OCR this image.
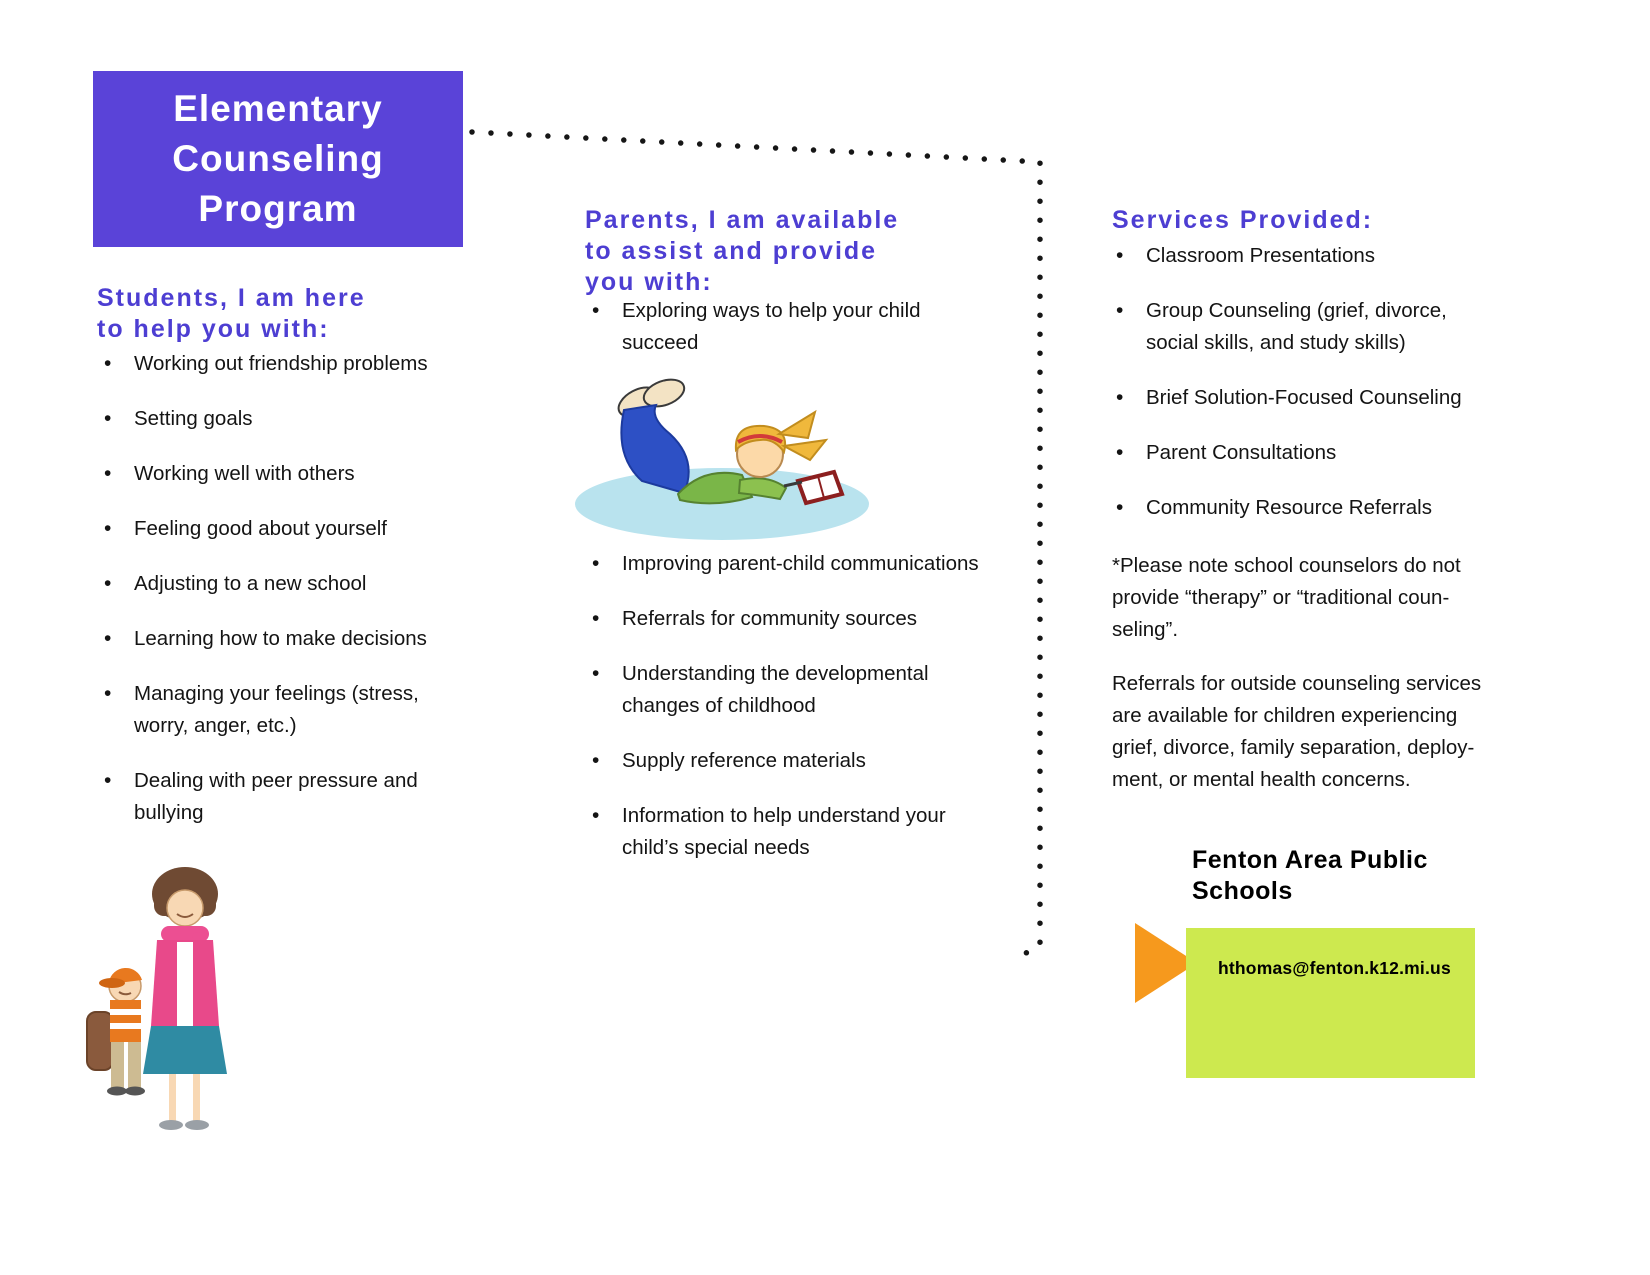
Elementary
Counseling
Program
Students, I am here
to help you with:
• Working out friendship problems
• Setting goals
• Working well with others
• Feeling good about yourself
• Adjusting to a new school
• Learning how to make decisions
• Managing your feelings (stress, worry, anger, etc.)
• Dealing with peer pressure and bullying
Parents, I am available
to assist and provide
you with:
• Exploring ways to help your child succeed
• Improving parent-child communications
• Referrals for community sources
• Understanding the developmental changes of childhood
• Supply reference materials
• Information to help understand your child’s special needs
Services Provided:
• Classroom Presentations
• Group Counseling (grief, divorce, social skills, and study skills)
• Brief Solution-Focused Counseling
• Parent Consultations
• Community Resource Referrals
*Please note school counselors do not
provide “therapy” or “traditional coun-
seling”.
Referrals for outside counseling services
are available for children experiencing
grief, divorce, family separation, deploy-
ment, or mental health concerns.
Fenton Area Public
Schools
hthomas@fenton.k12.mi.us
